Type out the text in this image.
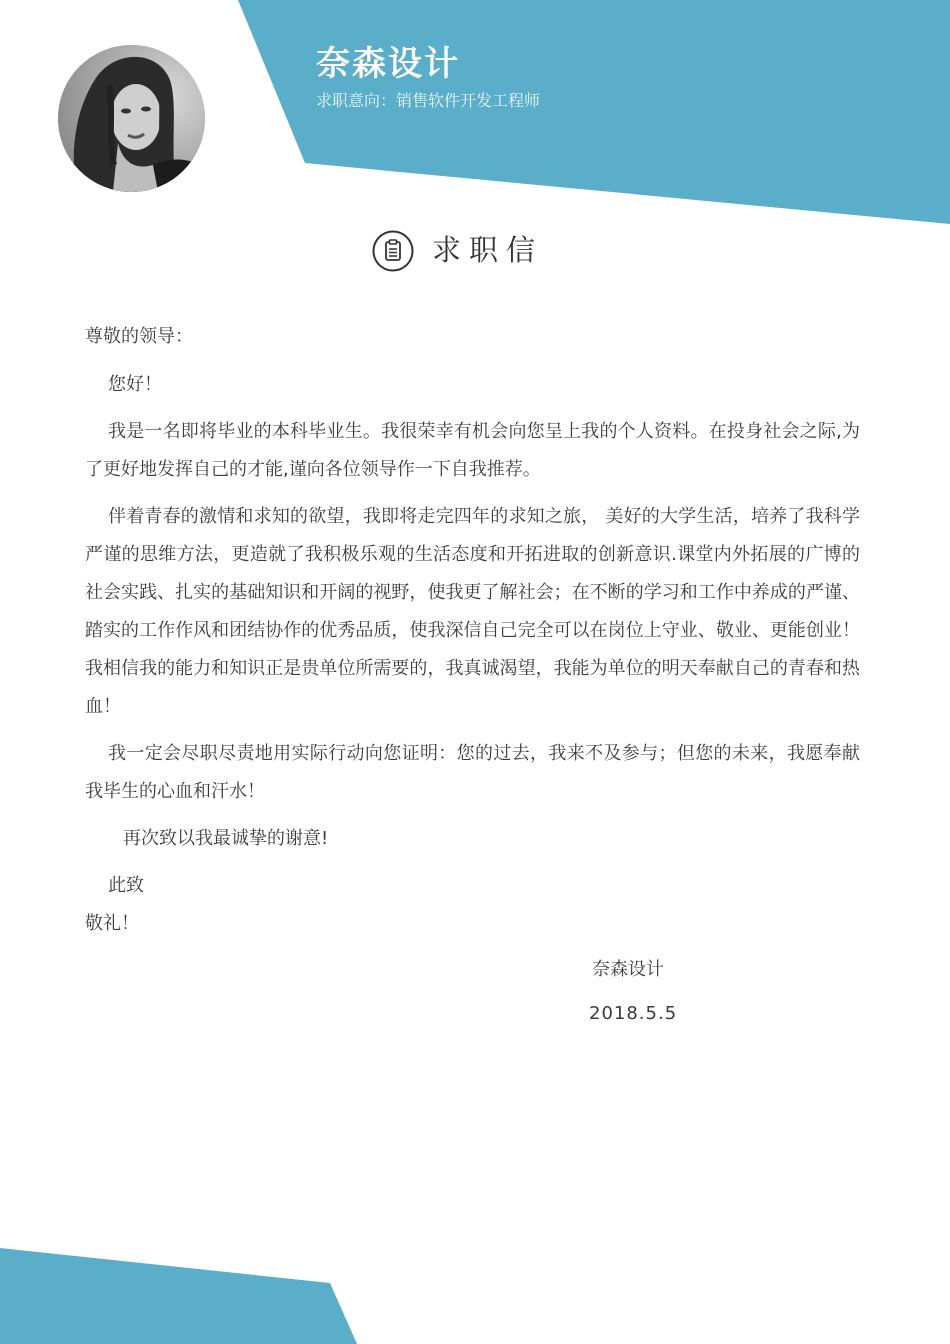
奈森设计
求职意向：销售软件开发工程师
求职信

尊敬的领导：

您好！

我是一名即将毕业的本科毕业生。我很荣幸有机会向您呈上我的个人资料。在投身社会之际,为了更好地发挥自己的才能,谨向各位领导作一下自我推荐。

伴着青春的激情和求知的欲望，我即将走完四年的求知之旅， 美好的大学生活，培养了我科学严谨的思维方法，更造就了我积极乐观的生活态度和开拓进取的创新意识.课堂内外拓展的广博的社会实践、扎实的基础知识和开阔的视野，使我更了解社会；在不断的学习和工作中养成的严谨、踏实的工作作风和团结协作的优秀品质，使我深信自己完全可以在岗位上守业、敬业、更能创业！我相信我的能力和知识正是贵单位所需要的，我真诚渴望，我能为单位的明天奉献自己的青春和热血！

我一定会尽职尽责地用实际行动向您证明：您的过去，我来不及参与；但您的未来，我愿奉献我毕生的心血和汗水！

再次致以我最诚挚的谢意!

此致

敬礼！

奈森设计
2018.5.5
